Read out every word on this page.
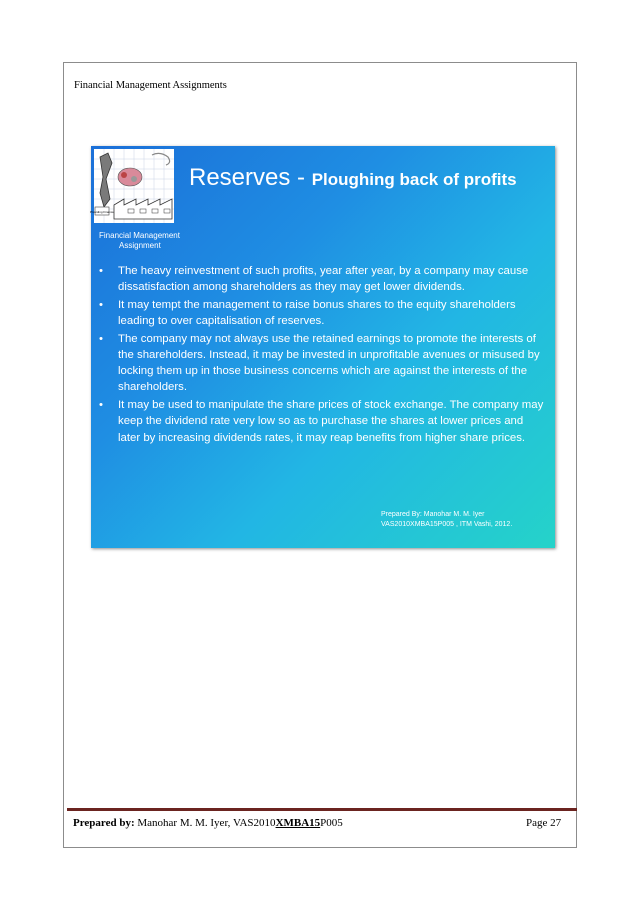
Financial Management Assignments
Providing Finance
Reserves - Ploughing back of profits
Financial Management
Assignment
• The heavy reinvestment of such profits, year after year, by a company may cause dissatisfaction among shareholders as they may get lower dividends.
• It may tempt the management to raise bonus shares to the equity shareholders leading to over capitalisation of reserves.
• The company may not always use the retained earnings to promote the interests of the shareholders. Instead, it may be invested in unprofitable avenues or misused by locking them up in those business concerns which are against the interests of the shareholders.
• It may be used to manipulate the share prices of stock exchange. The company may keep the dividend rate very low so as to purchase the shares at lower prices and later by increasing dividends rates, it may reap benefits from higher share prices.
Prepared By: Manohar M. M. Iyer
VAS2010XMBA15P005 , ITM Vashi, 2012.
Prepared by: Manohar M. M. Iyer, VAS2010XMBA15P005	Page 27
